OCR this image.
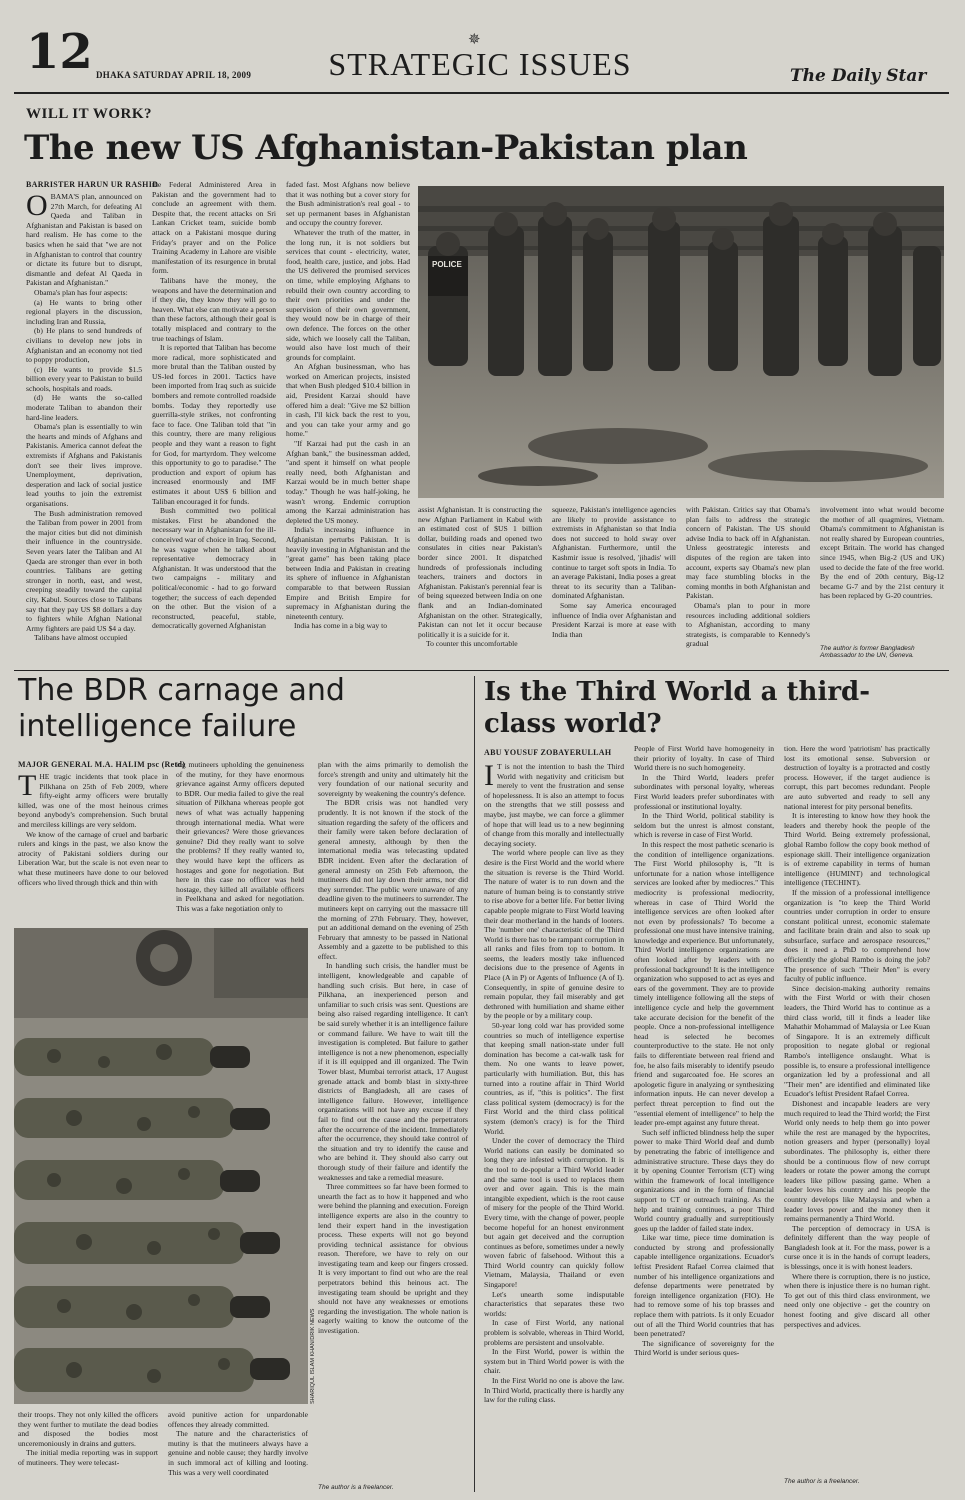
12 DHAKA SATURDAY APRIL 18, 2009
✵
STRATEGIC ISSUES	The Daily Star
WILL IT WORK?
The new US Afghanistan-Pakistan plan
BARRISTER HARUN UR RASHID
O BAMA'S plan, announced on 27th March, for defeating Al Qaeda and Taliban in Afghanistan and Pakistan is based on hard realism. He has come to the basics when he said that "we are not in Afghanistan to control that country or dictate its future but to disrupt, dismantle and defeat Al Qaeda in Pakistan and Afghanistan."

Obama's plan has four aspects:

(a) He wants to bring other regional players in the discussion, including Iran and Russia,

(b) He plans to send hundreds of civilians to develop new jobs in Afghanistan and an economy not tied to poppy production,

(c) He wants to provide $1.5 billion every year to Pakistan to build schools, hospitals and roads.

(d) He wants the so-called moderate Taliban to abandon their hard-line leaders.

Obama's plan is essentially to win the hearts and minds of Afghans and Pakistanis. America cannot defeat the extremists if Afghans and Pakistanis don't see their lives improve. Unemployment, deprivation, desperation and lack of social justice lead youths to join the extremist organisations.

The Bush administration removed the Taliban from power in 2001 from the major cities but did not diminish their influence in the countryside. Seven years later the Taliban and Al Qaeda are stronger than ever in both countries. Talibans are getting stronger in north, east, and west, creeping steadily toward the capital city, Kabul. Sources close to Talibans say that they pay US $8 dollars a day to fighters while Afghan National Army fighters are paid US $4 a day.

Talibans have almost occupied

the Federal Administered Area in Pakistan and the government had to conclude an agreement with them. Despite that, the recent attacks on Sri Lankan Cricket team, suicide bomb attack on a Pakistani mosque during Friday's prayer and on the Police Training Academy in Lahore are visible manifestation of its resurgence in brutal form.

Talibans have the money, the weapons and have the determination and if they die, they know they will go to heaven. What else can motivate a person than these factors, although their goal is totally misplaced and contrary to the true teachings of Islam.

It is reported that Taliban has become more radical, more sophisticated and more brutal than the Taliban ousted by US-led forces in 2001. Tactics have been imported from Iraq such as suicide bombers and remote controlled roadside bombs. Today they reportedly use guerrilla-style strikes, not confronting face to face. One Taliban told that "in this country, there are many religious people and they want a reason to fight for God, for martyrdom. They welcome this opportunity to go to paradise." The production and export of opium has increased enormously and IMF estimates it about US$ 6 billion and Taliban encouraged it for funds.

Bush committed two political mistakes. First he abandoned the necessary war in Afghanistan for the ill-conceived war of choice in Iraq. Second, he was vague when he talked about representative democracy in Afghanistan. It was understood that the two campaigns - military and political/economic - had to go forward together; the success of each depended on the other. But the vision of a reconstructed, peaceful, stable, democratically governed Afghanistan

faded fast. Most Afghans now believe that it was nothing but a cover story for the Bush administration's real goal - to set up permanent bases in Afghanistan and occupy the country forever.

Whatever the truth of the matter, in the long run, it is not soldiers but services that count - electricity, water, food, health care, justice, and jobs. Had the US delivered the promised services on time, while employing Afghans to rebuild their own country according to their own priorities and under the supervision of their own government, they would now be in charge of their own defence. The forces on the other side, which we loosely call the Taliban, would also have lost much of their grounds for complaint.

An Afghan businessman, who has worked on American projects, insisted that when Bush pledged $10.4 billion in aid, President Karzai should have offered him a deal: "Give me $2 billion in cash, I'll kick back the rest to you, and you can take your army and go home."

"If Karzai had put the cash in an Afghan bank," the businessman added, "and spent it himself on what people really need, both Afghanistan and Karzai would be in much better shape today." Though he was half-joking, he wasn't wrong. Endemic corruption among the Karzai administration has depleted the US money.

India's increasing influence in Afghanistan perturbs Pakistan. It is heavily investing in Afghanistan and the "great game" has been taking place between India and Pakistan in creating its sphere of influence in Afghanistan comparable to that between Russian Empire and British Empire for supremacy in Afghanistan during the nineteenth century.

India has come in a big way to

POLICE

assist Afghanistan. It is constructing the new Afghan Parliament in Kabul with an estimated cost of $US 1 billion dollar, building roads and opened two consulates in cities near Pakistan's border since 2001. It dispatched hundreds of professionals including teachers, trainers and doctors in Afghanistan. Pakistan's perennial fear is of being squeezed between India on one flank and an Indian-dominated Afghanistan on the other. Strategically, Pakistan can not let it occur because politically it is a suicide for it.

To counter this uncomfortable

squeeze, Pakistan's intelligence agencies are likely to provide assistance to extremists in Afghanistan so that India does not succeed to hold sway over Afghanistan. Furthermore, until the Kashmir issue is resolved, 'jihadis' will continue to target soft spots in India. To an average Pakistani, India poses a great threat to its security than a Taliban-dominated Afghanistan.

Some say America encouraged influence of India over Afghanistan and President Karzai is more at ease with India than

with Pakistan. Critics say that Obama's plan fails to address the strategic concern of Pakistan. The US should advise India to back off in Afghanistan. Unless geostrategic interests and disputes of the region are taken into account, experts say Obama's new plan may face stumbling blocks in the coming months in both Afghanistan and Pakistan.

Obama's plan to pour in more resources including additional soldiers to Afghanistan, according to many strategists, is comparable to Kennedy's gradual

involvement into what would become the mother of all quagmires, Vietnam. Obama's commitment to Afghanistan is not really shared by European countries, except Britain. The world has changed since 1945, when Big-2 (US and UK) used to decide the fate of the free world. By the end of 20th century, Big-12 became G-7 and by the 21st century it has been replaced by G-20 countries.

The author is former Bangladesh Ambassador to the UN, Geneva.
The BDR carnage and intelligence failure
MAJOR GENERAL M.A. HALIM psc (Retd)
T HE tragic incidents that took place in Pilkhana on 25th of Feb 2009, where fifty-eight army officers were brutally killed, was one of the most heinous crimes beyond anybody's comprehension. Such brutal and merciless killings are very seldom.

We know of the carnage of cruel and barbaric rulers and kings in the past, we also know the atrocity of Pakistani soldiers during our Liberation War, but the scale is not even near to what these mutineers have done to our beloved officers who lived through thick and thin with

ing mutineers upholding the genuineness of the mutiny, for they have enormous grievance against Army officers deputed to BDR. Our media failed to give the real situation of Pilkhana whereas people got news of what was actually happening through international media. What were their grievances? Were those grievances genuine? Did they really want to solve the problems? If they really wanted to, they would have kept the officers as hostages and gone for negotiation. But here in this case no officer was held hostage, they killed all available officers in Peelkhana and asked for negotiation. This was a fake negotiation only to

SHARIQUL ISLAM KHAN/DRIK NEWS

their troops. They not only killed the officers they went further to mutilate the dead bodies and disposed the bodies most unceremoniously in drains and gutters.

The initial media reporting was in support of mutineers. They were telecast-

avoid punitive action for unpardonable offences they already committed.

The nature and the characteristics of mutiny is that the mutineers always have a genuine and noble cause; they hardly involve in such immoral act of killing and looting. This was a very well coordinated

plan with the aims primarily to demolish the force's strength and unity and ultimately hit the very foundation of our national security and sovereignty by weakening the country's defence.

The BDR crisis was not handled very prudently. It is not known if the stock of the situation regarding the safety of the officers and their family were taken before declaration of general amnesty, although by then the international media was telecasting updated BDR incident. Even after the declaration of general amnesty on 25th Feb afternoon, the mutineers did not lay down their arms, nor did they surrender. The public were unaware of any deadline given to the mutineers to surrender. The mutineers kept on carrying out the massacre till the morning of 27th February. They, however, put an additional demand on the evening of 25th February that amnesty to be passed in National Assembly and a gazette to be published to this effect.

In handling such crisis, the handler must be intelligent, knowledgeable and capable of handling such crisis. But here, in case of Pilkhana, an inexperienced person and unfamiliar to such crisis was sent. Questions are being also raised regarding intelligence. It can't be said surely whether it is an intelligence failure or command failure. We have to wait till the investigation is completed. But failure to gather intelligence is not a new phenomenon, especially if it is ill equipped and ill organized. The Twin Tower blast, Mumbai terrorist attack, 17 August grenade attack and bomb blast in sixty-three districts of Bangladesh, all are cases of intelligence failure. However, intelligence organizations will not have any excuse if they fail to find out the cause and the perpetrators after the occurrence of the incident. Immediately after the occurrence, they should take control of the situation and try to identify the cause and who are behind it. They should also carry out thorough study of their failure and identify the weaknesses and take a remedial measure.

Three committees so far have been formed to unearth the fact as to how it happened and who were behind the planning and execution. Foreign intelligence experts are also in the country to lend their expert hand in the investigation process. These experts will not go beyond providing technical assistance for obvious reason. Therefore, we have to rely on our investigating team and keep our fingers crossed. It is very important to find out who are the real perpetrators behind this heinous act. The investigating team should be upright and they should not have any weaknesses or emotions regarding the investigation. The whole nation is eagerly waiting to know the outcome of the investigation.

The author is a freelancer.
Is the Third World a third-class world?
ABU YOUSUF ZOBAYERULLAH
I T is not the intention to bash the Third World with negativity and criticism but merely to vent the frustration and sense of hopelessness. It is also an attempt to focus on the strengths that we still possess and maybe, just maybe, we can force a glimmer of hope that will lead us to a new beginning of change from this morally and intellectually decaying society.

The world where people can live as they desire is the First World and the world where the situation is reverse is the Third World. The nature of water is to run down and the nature of human being is to constantly strive to rise above for a better life. For better living capable people migrate to First World leaving their dear motherland in the hands of looters. The 'number one' characteristic of the Third World is there has to be rampant corruption in all ranks and files from top to bottom. It seems, the leaders mostly take influenced decisions due to the presence of Agents in Place (A in P) or Agents of Influence (A of I). Consequently, in spite of genuine desire to remain popular, they fail miserably and get dethroned with humiliation and shame either by the people or by a military coup.

50-year long cold war has provided some countries so much of intelligence expertise that keeping small nation-state under full domination has become a cat-walk task for them. No one wants to leave power, particularly with humiliation. But, this has turned into a routine affair in Third World countries, as if, "this is politics". The first class political system (democracy) is for the First World and the third class political system (demon's cracy) is for the Third World.

Under the cover of democracy the Third World nations can easily be dominated so long they are infested with corruption. It is the tool to de-popular a Third World leader and the same tool is used to replaces them over and over again. This is the main intangible expedient, which is the root cause of misery for the people of the Third World. Every time, with the change of power, people become hopeful for an honest environment but again get deceived and the corruption continues as before, sometimes under a newly woven fabric of falsehood. Without this a Third World country can quickly follow Vietnam, Malaysia, Thailand or even Singapore!

Let's unearth some indisputable characteristics that separates these two worlds:

In case of First World, any national problem is solvable, whereas in Third World, problems are persistent and unsolvable.

In the First World, power is within the system but in Third World power is with the chair.

In the First World no one is above the law. In Third World, practically there is hardly any law for the ruling class.

People of First World have homogeneity in their priority of loyalty. In case of Third World there is no such homogeneity.

In the Third World, leaders prefer subordinates with personal loyalty, whereas First World leaders prefer subordinates with professional or institutional loyalty.

In the Third World, political stability is seldom but the unrest is almost constant, which is reverse in case of First World.

In this respect the most pathetic scenario is the condition of intelligence organizations. The First World philosophy is, "It is unfortunate for a nation whose intelligence services are looked after by mediocres." This mediocrity is professional mediocrity, whereas in case of Third World the intelligence services are often looked after not even by professionals? To become a professional one must have intensive training, knowledge and experience. But unfortunately, Third World intelligence organizations are often looked after by leaders with no professional background! It is the intelligence organization who supposed to act as eyes and ears of the government. They are to provide timely intelligence following all the steps of intelligence cycle and help the government take accurate decision for the benefit of the people. Once a non-professional intelligence head is selected he becomes counterproductive to the state. He not only fails to differentiate between real friend and foe, he also fails miserably to identify pseudo friend and sugarcoated foe. He scores an apologetic figure in analyzing or synthesizing information inputs. He can never develop a perfect threat perception to find out the "essential element of intelligence" to help the leader pre-empt against any future threat.

Such self inflicted blindness help the super power to make Third World deaf and dumb by penetrating the fabric of intelligence and administrative structure. These days they do it by opening Counter Terrorism (CT) wing within the framework of local intelligence organizations and in the form of financial support to CT or outreach training. As the help and training continues, a poor Third World country gradually and surreptitiously goes up the ladder of failed state index.

Like war time, piece time domination is conducted by strong and professionally capable intelligence organizations. Ecuador's leftist President Rafael Correa claimed that number of his intelligence organizations and defense departments were penetrated by foreign intelligence organization (FIO). He had to remove some of his top brasses and replace them with patriots. Is it only Ecuador out of all the Third World countries that has been penetrated?

The significance of sovereignty for the Third World is under serious ques-

tion. Here the word 'patriotism' has practically lost its emotional sense. Subversion or destruction of loyalty is a protracted and costly process. However, if the target audience is corrupt, this part becomes redundant. People are auto subverted and ready to sell any national interest for pity personal benefits.

It is interesting to know how they hook the leaders and thereby hook the people of the Third World. Being extremely professional, global Rambo follow the copy book method of espionage skill. Their intelligence organization is of extreme capability in terms of human intelligence (HUMINT) and technological intelligence (TECHINT).

If the mission of a professional intelligence organization is "to keep the Third World countries under corruption in order to ensure constant political unrest, economic stalemate and facilitate brain drain and also to soak up subsurface, surface and aerospace resources," does it need a PhD to comprehend how efficiently the global Rambo is doing the job? The presence of such "Their Men" is every faculty of public influence.

Since decision-making authority remains with the First World or with their chosen leaders, the Third World has to continue as a third class world, till it finds a leader like Mahathir Mohammad of Malaysia or Lee Kuan of Singapore. It is an extremely difficult proposition to negate global or regional Rambo's intelligence onslaught. What is possible is, to ensure a professional intelligence organization led by a professional and all "Their men" are identified and eliminated like Ecuador's leftist President Rafael Correa.

Dishonest and incapable leaders are very much required to lead the Third world; the First World only needs to help them go into power while the rest are managed by the hypocrites, notion greasers and hyper (personally) loyal subordinates. The philosophy is, either there should be a continuous flow of new corrupt leaders or rotate the power among the corrupt leaders like pillow passing game. When a leader loves his country and his people the country develops like Malaysia and when a leader loves power and the money then it remains permanently a Third World.

The perception of democracy in USA is definitely different than the way people of Bangladesh look at it. For the mass, power is a curse once it is in the hands of corrupt leaders, is blessings, once it is with honest leaders.

Where there is corruption, there is no justice, when there is injustice there is no human right. To get out of this third class environment, we need only one objective - get the country on honest footing and give discard all other perspectives and advices.

The author is a freelancer.
